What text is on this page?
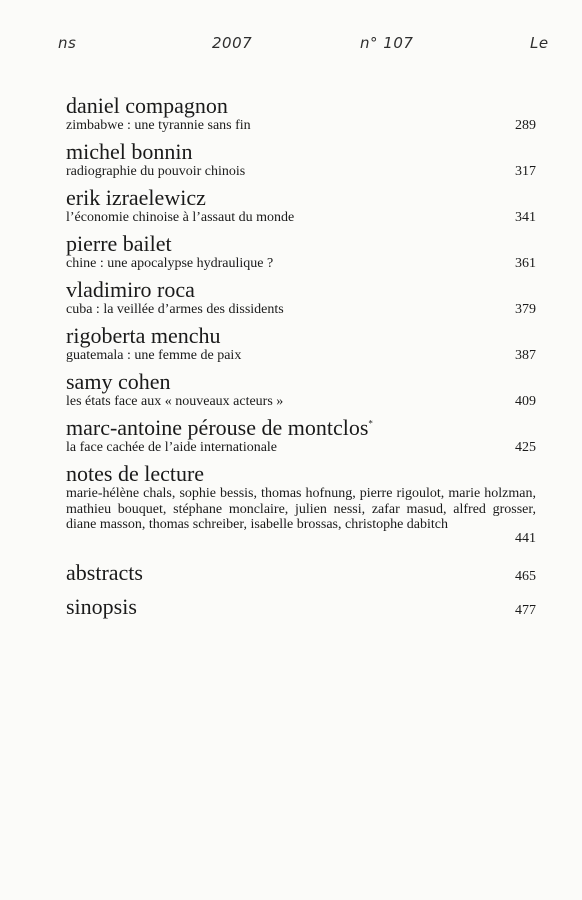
ns	2007	n° 107	Le
daniel compagnon
zimbabwe : une tyrannie sans fin	289
michel bonnin
radiographie du pouvoir chinois	317
erik izraelewicz
l’économie chinoise à l’assaut du monde	341
pierre bailet
chine : une apocalypse hydraulique ?	361
vladimiro roca
cuba : la veillée d’armes des dissidents	379
rigoberta menchu
guatemala : une femme de paix	387
samy cohen
les états face aux « nouveaux acteurs »	409
marc-antoine pérouse de montclos*
la face cachée de l’aide internationale	425
notes de lecture
marie-hélène chals, sophie bessis, thomas hofnung, pierre rigoulot, marie holzman, mathieu bouquet, stéphane monclaire, julien nessi, zafar masud, alfred grosser, diane masson, thomas schreiber, isabelle brossas, christophe dabitch
441
abstracts	465
sinopsis	477
